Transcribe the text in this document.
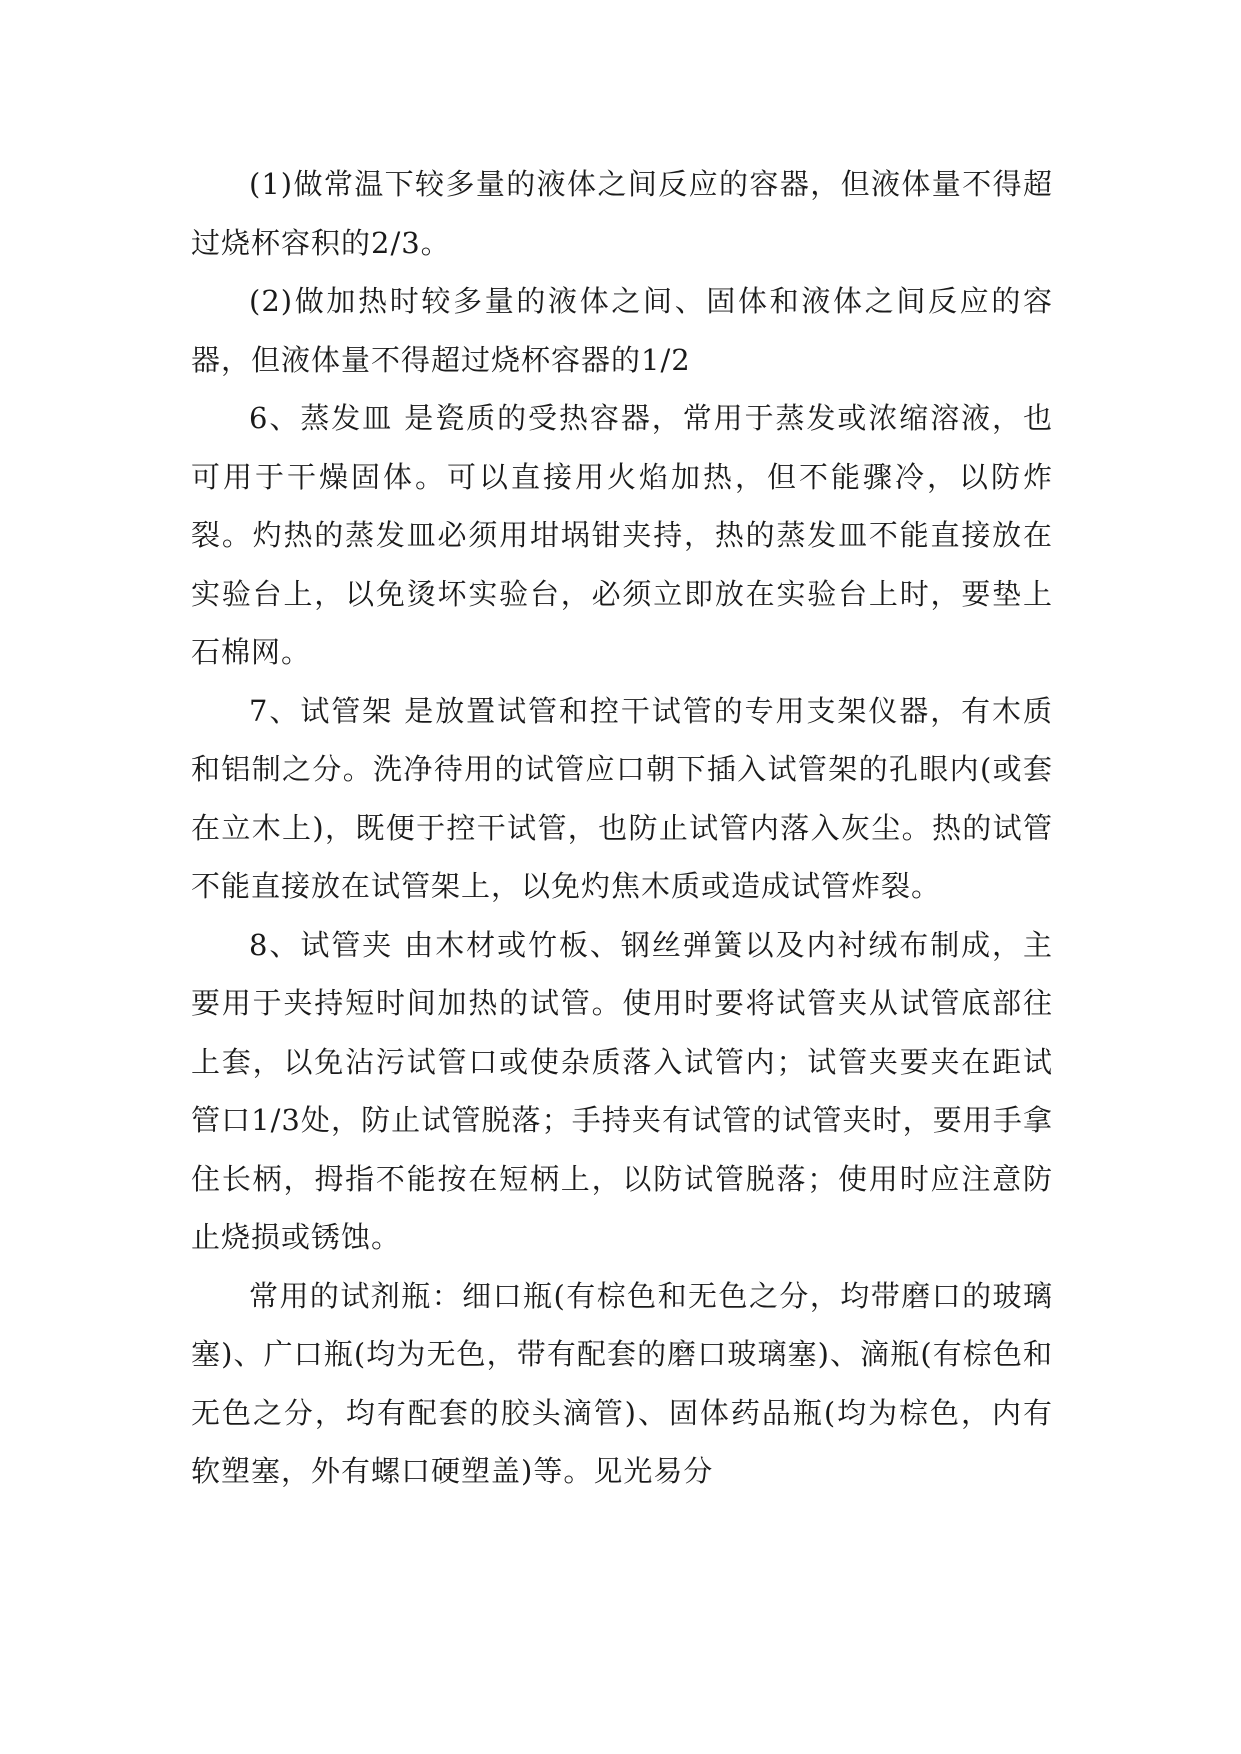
(1)做常温下较多量的液体之间反应的容器，但液体量不得超过烧杯容积的2/3。

(2)做加热时较多量的液体之间、固体和液体之间反应的容器，但液体量不得超过烧杯容器的1/2

6、蒸发皿 是瓷质的受热容器，常用于蒸发或浓缩溶液，也可用于干燥固体。可以直接用火焰加热，但不能骤冷，以防炸裂。灼热的蒸发皿必须用坩埚钳夹持，热的蒸发皿不能直接放在实验台上，以免烫坏实验台，必须立即放在实验台上时，要垫上石棉网。

7、试管架 是放置试管和控干试管的专用支架仪器，有木质和铝制之分。洗净待用的试管应口朝下插入试管架的孔眼内(或套在立木上)，既便于控干试管，也防止试管内落入灰尘。热的试管不能直接放在试管架上，以免灼焦木质或造成试管炸裂。

8、试管夹 由木材或竹板、钢丝弹簧以及内衬绒布制成，主要用于夹持短时间加热的试管。使用时要将试管夹从试管底部往上套，以免沾污试管口或使杂质落入试管内；试管夹要夹在距试管口1/3处，防止试管脱落；手持夹有试管的试管夹时，要用手拿住长柄，拇指不能按在短柄上，以防试管脱落；使用时应注意防止烧损或锈蚀。

常用的试剂瓶：细口瓶(有棕色和无色之分，均带磨口的玻璃塞)、广口瓶(均为无色，带有配套的磨口玻璃塞)、滴瓶(有棕色和无色之分，均有配套的胶头滴管)、固体药品瓶(均为棕色，内有软塑塞，外有螺口硬塑盖)等。见光易分
